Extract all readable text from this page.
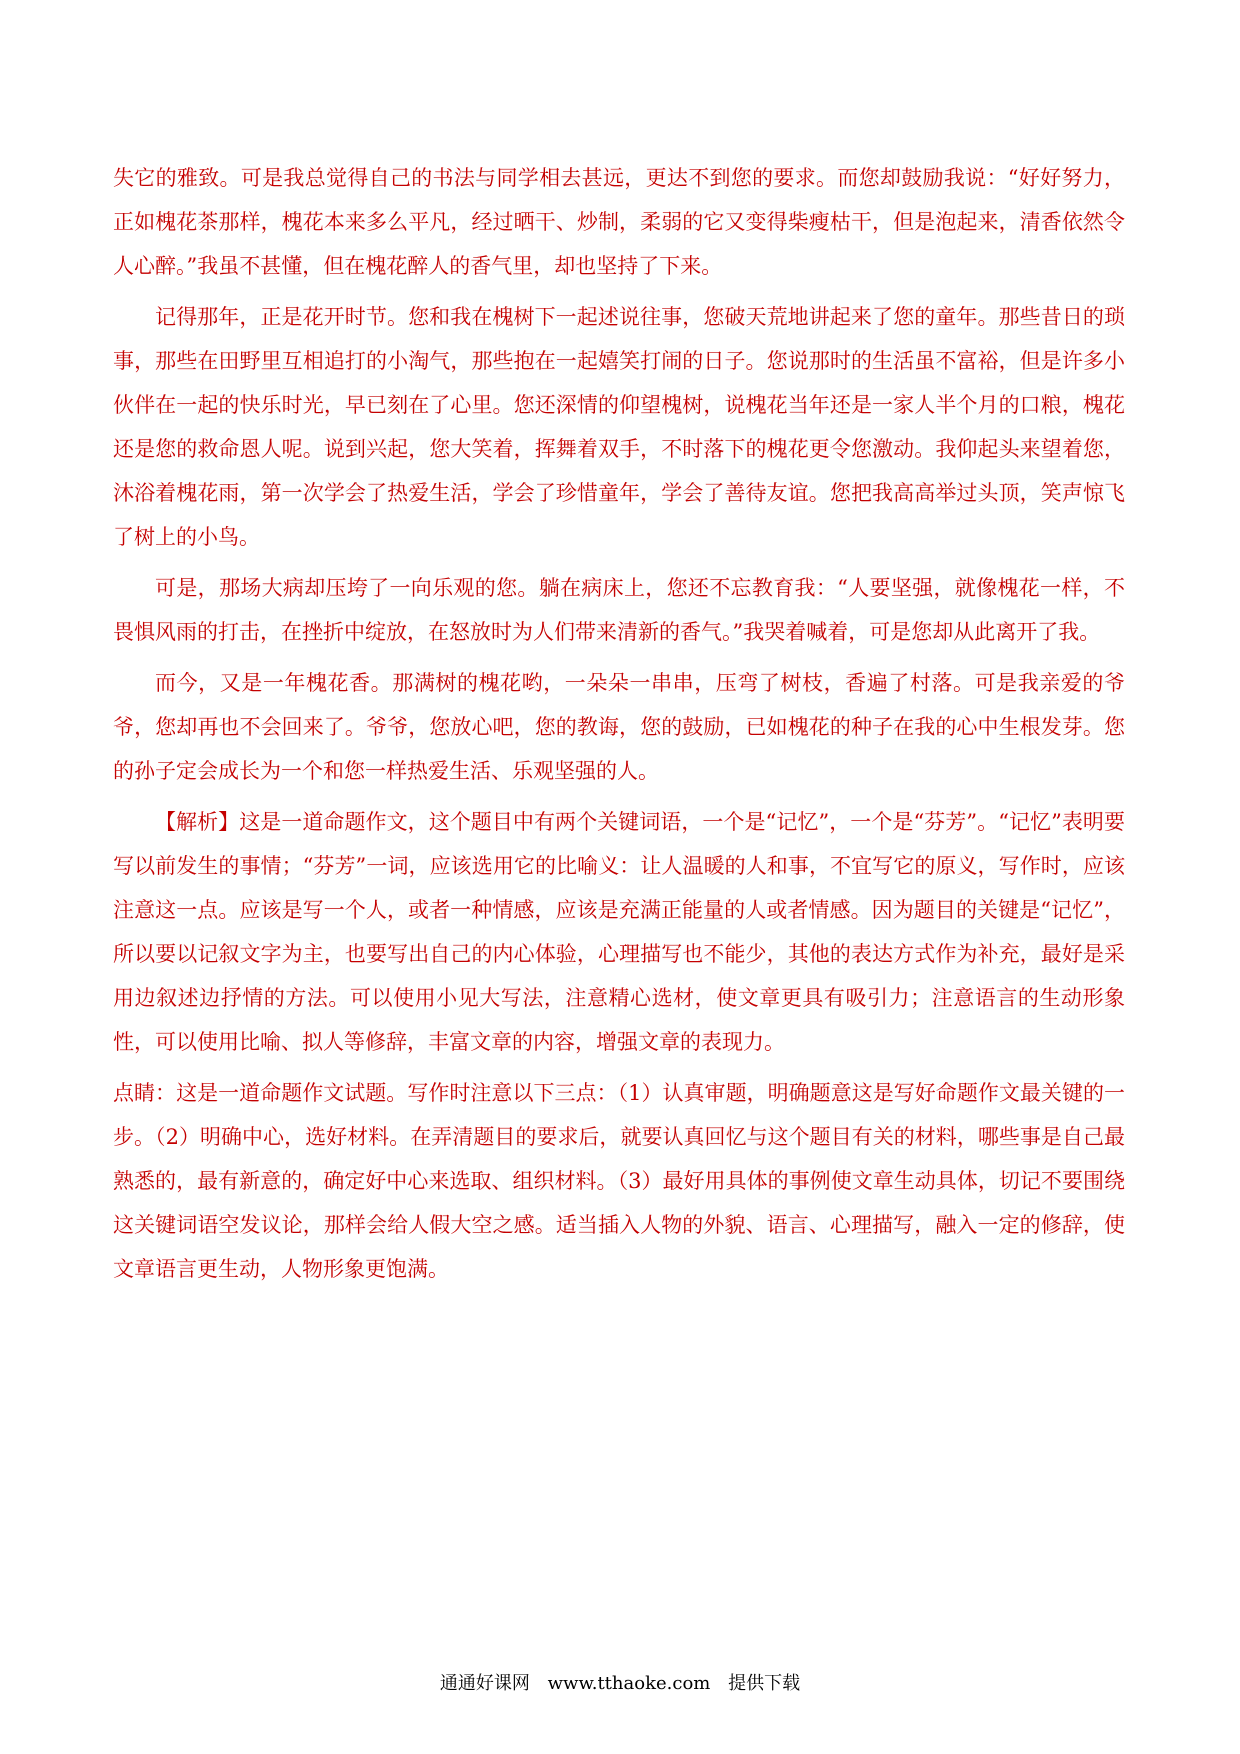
失它的雅致。可是我总觉得自己的书法与同学相去甚远，更达不到您的要求。而您却鼓励我说：“好好努力，正如槐花茶那样，槐花本来多么平凡，经过晒干、炒制，柔弱的它又变得柴瘦枯干，但是泡起来，清香依然令人心醉。”我虽不甚懂，但在槐花醉人的香气里，却也坚持了下来。

记得那年，正是花开时节。您和我在槐树下一起述说往事，您破天荒地讲起来了您的童年。那些昔日的琐事，那些在田野里互相追打的小淘气，那些抱在一起嬉笑打闹的日子。您说那时的生活虽不富裕，但是许多小伙伴在一起的快乐时光，早已刻在了心里。您还深情的仰望槐树，说槐花当年还是一家人半个月的口粮，槐花还是您的救命恩人呢。说到兴起，您大笑着，挥舞着双手，不时落下的槐花更令您激动。我仰起头来望着您，沐浴着槐花雨，第一次学会了热爱生活，学会了珍惜童年，学会了善待友谊。您把我高高举过头顶，笑声惊飞了树上的小鸟。

可是，那场大病却压垮了一向乐观的您。躺在病床上，您还不忘教育我：“人要坚强，就像槐花一样，不畏惧风雨的打击，在挫折中绽放，在怒放时为人们带来清新的香气。”我哭着喊着，可是您却从此离开了我。

而今，又是一年槐花香。那满树的槐花哟，一朵朵一串串，压弯了树枝，香遍了村落。可是我亲爱的爷爷，您却再也不会回来了。爷爷，您放心吧，您的教诲，您的鼓励，已如槐花的种子在我的心中生根发芽。您的孙子定会成长为一个和您一样热爱生活、乐观坚强的人。

【解析】这是一道命题作文，这个题目中有两个关键词语，一个是“记忆”，一个是“芬芳”。“记忆”表明要写以前发生的事情；“芬芳”一词，应该选用它的比喻义：让人温暖的人和事，不宜写它的原义，写作时，应该注意这一点。应该是写一个人，或者一种情感，应该是充满正能量的人或者情感。因为题目的关键是“记忆”，所以要以记叙文字为主，也要写出自己的内心体验，心理描写也不能少，其他的表达方式作为补充，最好是采用边叙述边抒情的方法。可以使用小见大写法，注意精心选材，使文章更具有吸引力；注意语言的生动形象性，可以使用比喻、拟人等修辞，丰富文章的内容，增强文章的表现力。

点睛：这是一道命题作文试题。写作时注意以下三点：（1）认真审题，明确题意这是写好命题作文最关键的一步。（2）明确中心，选好材料。在弄清题目的要求后，就要认真回忆与这个题目有关的材料，哪些事是自己最熟悉的，最有新意的，确定好中心来选取、组织材料。（3）最好用具体的事例使文章生动具体，切记不要围绕这关键词语空发议论，那样会给人假大空之感。适当插入人物的外貌、语言、心理描写，融入一定的修辞，使文章语言更生动，人物形象更饱满。

通通好课网 www.tthaoke.com 提供下载
